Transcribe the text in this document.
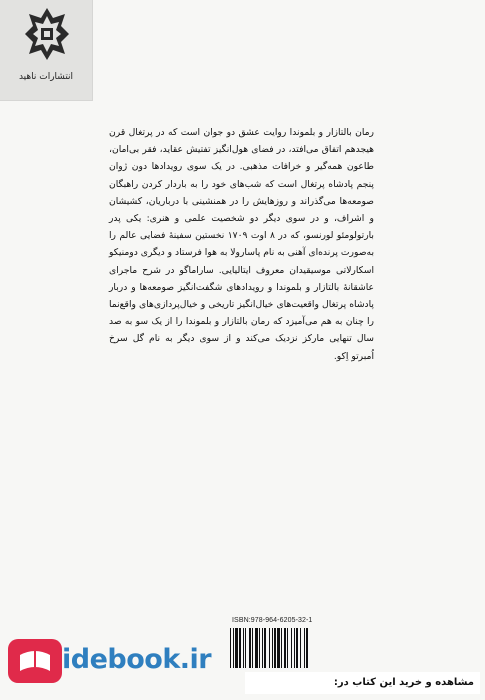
انتشارات ناهید

رمان بالتازار و بلموندا روایت عشق دو جوان است که در پرتغال قرن هیجدهم اتفاق می‌افتد، در فضای هول‌انگیز تفتیش عقاید، فقر بی‌امان، طاعون همه‌گیر و خرافات مذهبی. در یک سوی رویدادها دون ژوان پنجم پادشاه پرتغال است که شب‌های خود را به باردار کردن راهبگان صومعه‌ها می‌گذراند و روزهایش را در همنشینی با درباریان، کشیشان و اشراف، و در سوی دیگر دو شخصیت علمی و هنری: یکی پدر بارتولومئو لورنسو، که در ۸ اوت ۱۷۰۹ نخستین سفینهٔ فضایی عالم را به‌صورت پرنده‌ای آهنی به نام پاسارولا به هوا فرستاد و دیگری دومنیکو اسکارلاتی موسیقیدان معروف ایتالیایی. ساراماگو در شرح ماجرای عاشقانهٔ بالتازار و بلموندا و رویدادهای شگفت‌انگیز صومعه‌ها و دربار پادشاه پرتغال واقعیت‌های خیال‌انگیز تاریخی و خیال‌پردازی‌های واقع‌نما را چنان به هم می‌آمیزد که رمان بالتازار و بلموندا را از یک سو به صد سال تنهایی مارکز نزدیک می‌کند و از سوی دیگر به نام گل سرخ اُمبرتو اِکو.

ISBN:978-964-6205-32-1
idebook.ir
مشاهده و خرید این کتاب در:
